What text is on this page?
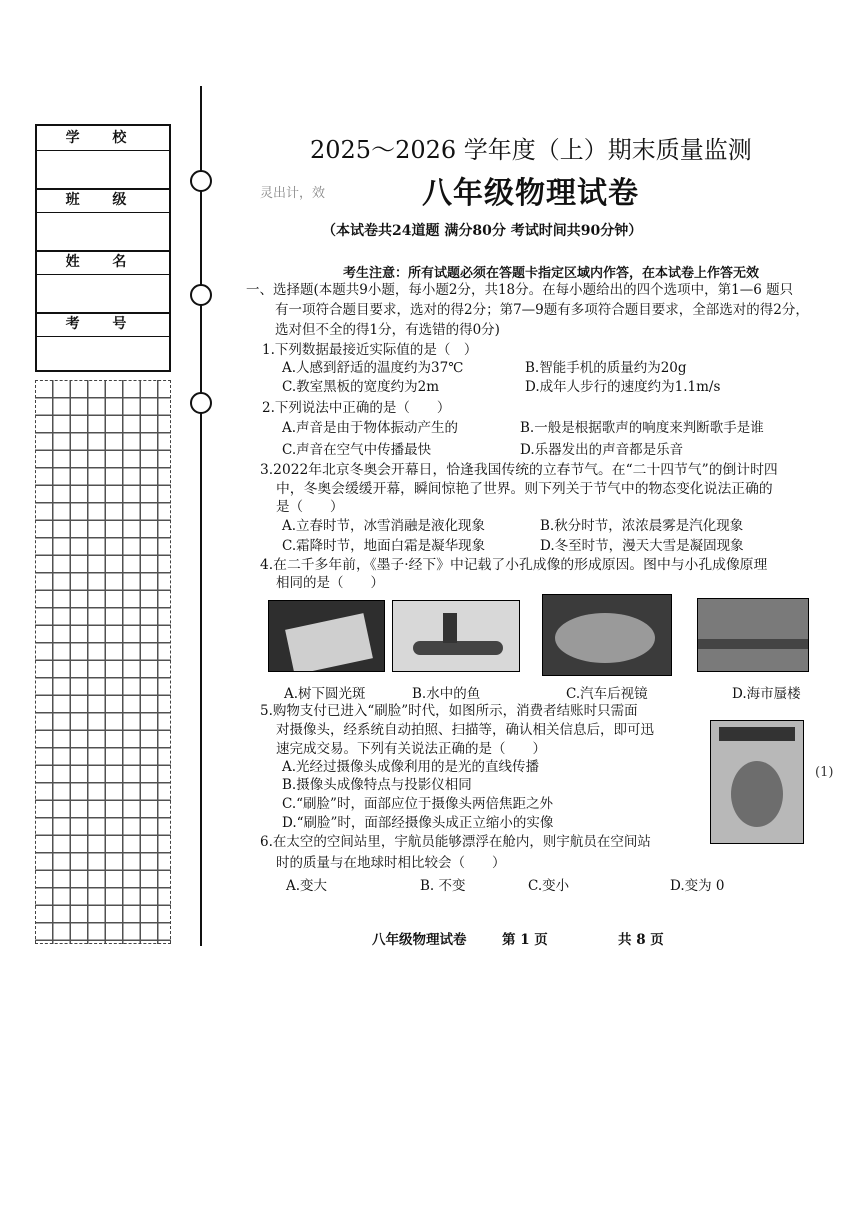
学 校
班 级
姓 名
考 号
2025～2026 学年度（上）期末质量监测
灵出计，效	八年级物理试卷
（本试卷共24道题 满分80分 考试时间共90分钟）
考生注意：所有试题必须在答题卡指定区域内作答，在本试卷上作答无效
一、选择题(本题共9小题，每小题2分，共18分。在每小题给出的四个选项中，第1—6 题只
有一项符合题目要求，选对的得2分；第7—9题有多项符合题目要求，全部选对的得2分，
选对但不全的得1分，有选错的得0分)
1.下列数据最接近实际值的是（　）
A.人感到舒适的温度约为37℃	B.智能手机的质量约为20g
C.教室黑板的宽度约为2m	D.成年人步行的速度约为1.1m/s
2.下列说法中正确的是（　　）
A.声音是由于物体振动产生的	B.一般是根据歌声的响度来判断歌手是谁
C.声音在空气中传播最快	D.乐器发出的声音都是乐音
3.2022年北京冬奥会开幕日，恰逢我国传统的立春节气。在“二十四节气”的倒计时四
中，冬奥会缓缓开幕，瞬间惊艳了世界。则下列关于节气中的物态变化说法正确的
是（　　）
A.立春时节，冰雪消融是液化现象	B.秋分时节，浓浓晨雾是汽化现象
C.霜降时节，地面白霜是凝华现象	D.冬至时节，漫天大雪是凝固现象
4.在二千多年前，《墨子·经下》中记载了小孔成像的形成原因。图中与小孔成像原理
相同的是（　　）
A.树下圆光斑	B.水中的鱼	C.汽车后视镜	D.海市蜃楼
5.购物支付已进入“刷脸”时代，如图所示，消费者结账时只需面
对摄像头，经系统自动拍照、扫描等，确认相关信息后，即可迅
速完成交易。下列有关说法正确的是（　　）
A.光经过摄像头成像利用的是光的直线传播
B.摄像头成像特点与投影仪相同
C.“刷脸”时，面部应位于摄像头两倍焦距之外
D.“刷脸”时，面部经摄像头成正立缩小的实像
(1)
6.在太空的空间站里，宇航员能够漂浮在舱内，则宇航员在空间站
时的质量与在地球时相比较会（　　）
A.变大	B. 不变	C.变小	D.变为 0
八年级物理试卷	第 1 页	共 8 页
